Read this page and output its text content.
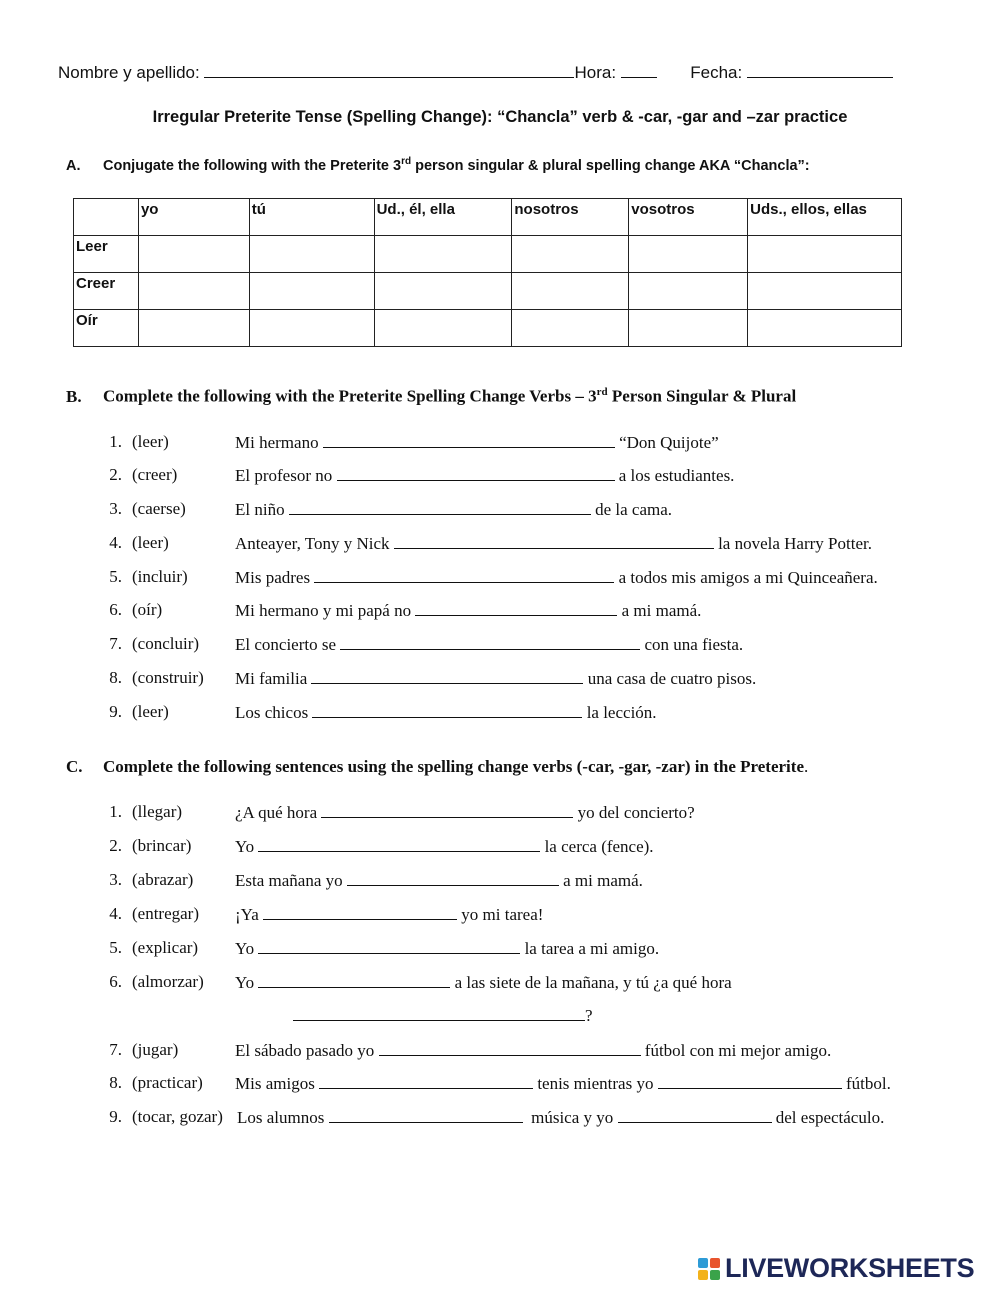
Nombre y apellido:	Hora:	Fecha:
Irregular Preterite Tense (Spelling Change): “Chancla” verb & -car, -gar and –zar practice
A. Conjugate the following with the Preterite 3rd person singular & plural spelling change AKA “Chancla”:
	yo	tú	Ud., él, ella	nosotros	vosotros	Uds., ellos, ellas
Leer						
Creer						
Oír						
B. Complete the following with the Preterite Spelling Change Verbs – 3rd Person Singular & Plural
1. (leer)	Mi hermano	“Don Quijote”
2. (creer)	El profesor no	a los estudiantes.
3. (caerse)	El niño	de la cama.
4. (leer)	Anteayer, Tony y Nick	la novela Harry Potter.
5. (incluir)	Mis padres	a todos mis amigos a mi Quinceañera.
6. (oír)	Mi hermano y mi papá no	a mi mamá.
7. (concluir) El concierto se	con una fiesta.
8. (construir) Mi familia	una casa de cuatro pisos.
9. (leer)	Los chicos	la lección.
C. Complete the following sentences using the spelling change verbs (-car, -gar, -zar) in the Preterite.
1. (llegar)	¿A qué hora	yo del concierto?
2. (brincar)	Yo	la cerca (fence).
3. (abrazar) Esta mañana yo	a mi mamá.
4. (entregar) ¡Ya	yo mi tarea!
5. (explicar) Yo	la tarea a mi amigo.
6. (almorzar) Yo	a las siete de la mañana, y tú ¿a qué hora
?
7. (jugar)	El sábado pasado yo	fútbol con mi mejor amigo.
8. (practicar) Mis amigos	tenis mientras yo	fútbol.
9. (tocar, gozar) Los alumnos	música y yo	del espectáculo.
LIVEWORKSHEETS
